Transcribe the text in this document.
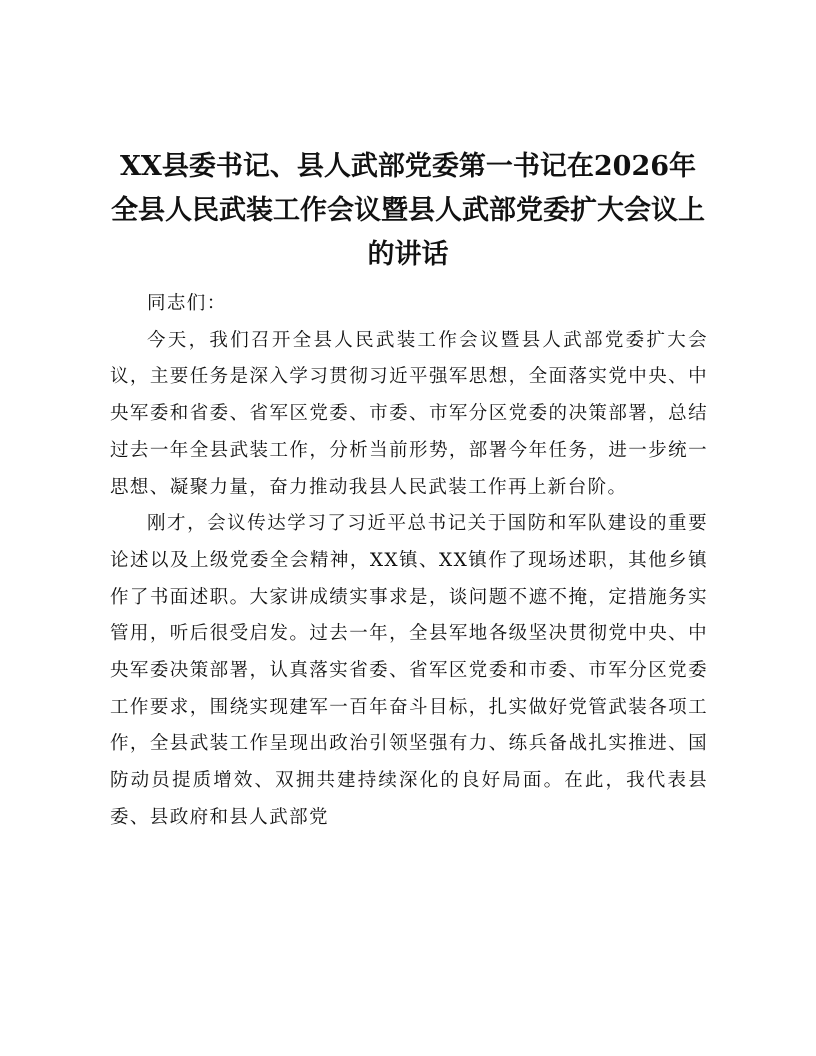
XX县委书记、县人武部党委第一书记在2026年全县人民武装工作会议暨县人武部党委扩大会议上的讲话

同志们：

今天，我们召开全县人民武装工作会议暨县人武部党委扩大会议，主要任务是深入学习贯彻习近平强军思想，全面落实党中央、中央军委和省委、省军区党委、市委、市军分区党委的决策部署，总结过去一年全县武装工作，分析当前形势，部署今年任务，进一步统一思想、凝聚力量，奋力推动我县人民武装工作再上新台阶。

刚才，会议传达学习了习近平总书记关于国防和军队建设的重要论述以及上级党委全会精神，XX镇、XX镇作了现场述职，其他乡镇作了书面述职。大家讲成绩实事求是，谈问题不遮不掩，定措施务实管用，听后很受启发。过去一年，全县军地各级坚决贯彻党中央、中央军委决策部署，认真落实省委、省军区党委和市委、市军分区党委工作要求，围绕实现建军一百年奋斗目标，扎实做好党管武装各项工作，全县武装工作呈现出政治引领坚强有力、练兵备战扎实推进、国防动员提质增效、双拥共建持续深化的良好局面。在此，我代表县委、县政府和县人武部党
